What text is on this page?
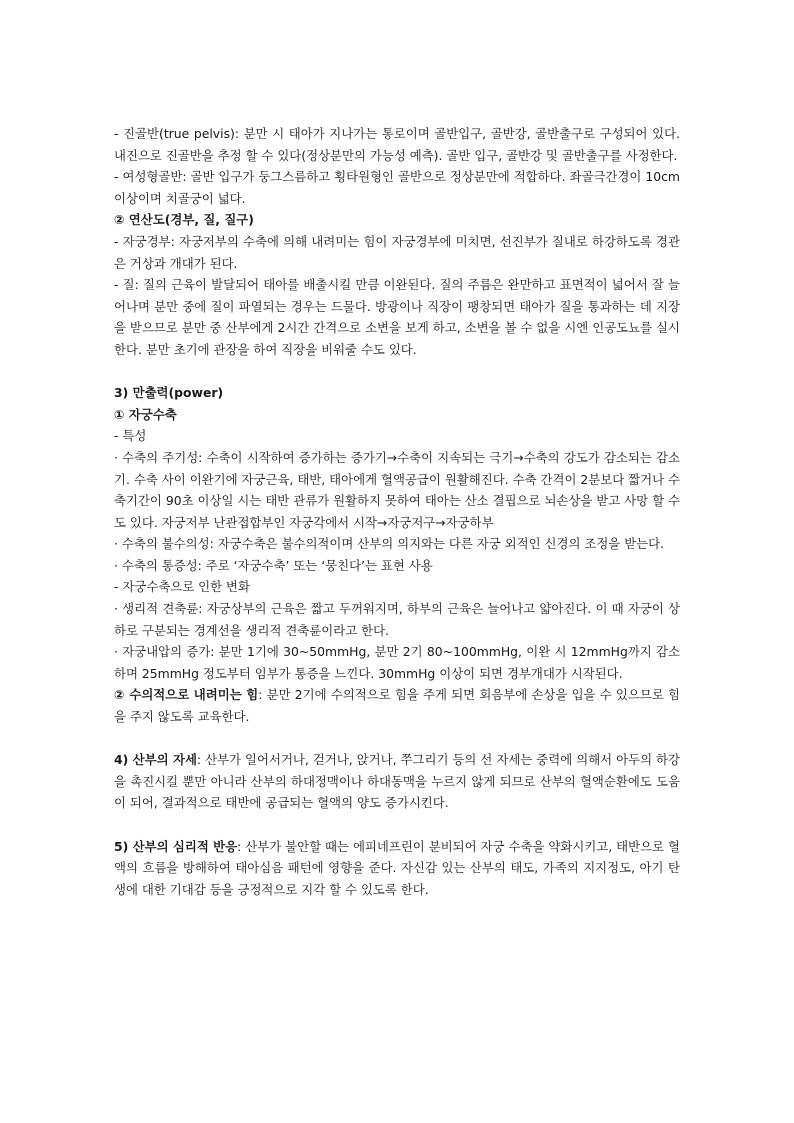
- 진골반(true pelvis): 분만 시 태아가 지나가는 통로이며 골반입구, 골반강, 골반출구로 구성되어 있다. 내진으로 진골반을 추정 할 수 있다(정상분만의 가능성 예측). 골반 입구, 골반강 및 골반출구를 사정한다.

- 여성형골반: 골반 입구가 둥그스름하고 횡타원형인 골반으로 정상분만에 적합하다. 좌골극간경이 10cm이상이며 치골궁이 넓다.

② 연산도(경부, 질, 질구)

- 자궁경부: 자궁저부의 수축에 의해 내려미는 힘이 자궁경부에 미치면, 선진부가 질내로 하강하도록 경관은 거상과 개대가 된다.

- 질: 질의 근육이 발달되어 태아를 배출시킬 만큼 이완된다. 질의 주름은 완만하고 표면적이 넓어서 잘 늘어나며 분만 중에 질이 파열되는 경우는 드물다. 방광이나 직장이 팽창되면 태아가 질을 통과하는 데 지장을 받으므로 분만 중 산부에게 2시간 간격으로 소변을 보게 하고, 소변을 볼 수 없을 시엔 인공도뇨를 실시한다. 분만 초기에 관장을 하여 직장을 비워줄 수도 있다.

3) 만출력(power)

① 자궁수축

- 특성

· 수축의 주기성: 수축이 시작하여 증가하는 증가기→수축이 지속되는 극기→수축의 강도가 감소되는 감소기. 수축 사이 이완기에 자궁근육, 태반, 태아에게 혈액공급이 원활해진다. 수축 간격이 2분보다 짧거나 수축기간이 90초 이상일 시는 태반 관류가 원활하지 못하여 태아는 산소 결핍으로 뇌손상을 받고 사망 할 수도 있다. 자궁저부 난관접합부인 자궁각에서 시작→자궁저구→자궁하부

· 수축의 불수의성: 자궁수축은 불수의적이며 산부의 의지와는 다른 자궁 외적인 신경의 조정을 받는다.

· 수축의 통증성: 주로 ‘자궁수축’ 또는 ‘뭉친다’는 표현 사용

- 자궁수축으로 인한 변화

· 생리적 견축륜: 자궁상부의 근육은 짧고 두꺼워지며, 하부의 근육은 늘어나고 얇아진다. 이 때 자궁이 상하로 구분되는 경계선을 생리적 견축륜이라고 한다.

· 자궁내압의 증가: 분만 1기에 30~50mmHg, 분만 2기 80~100mmHg, 이완 시 12mmHg까지 감소하며 25mmHg 정도부터 임부가 통증을 느낀다. 30mmHg 이상이 되면 경부개대가 시작된다.

② 수의적으로 내려미는 힘: 분만 2기에 수의적으로 힘을 주게 되면 회음부에 손상을 입을 수 있으므로 힘을 주지 않도록 교육한다.

4) 산부의 자세: 산부가 일어서거나, 걷거나, 앉거나, 쭈그리기 등의 선 자세는 중력에 의해서 아두의 하강을 촉진시킬 뿐만 아니라 산부의 하대정맥이나 하대동맥을 누르지 않게 되므로 산부의 혈액순환에도 도움이 되어, 결과적으로 태반에 공급되는 혈액의 양도 증가시킨다.

5) 산부의 심리적 반응: 산부가 불안할 때는 에피네프린이 분비되어 자궁 수축을 약화시키고, 태반으로 혈액의 흐름을 방해하여 태아심음 패턴에 영향을 준다. 자신감 있는 산부의 태도, 가족의 지지정도, 아기 탄생에 대한 기대감 등을 긍정적으로 지각 할 수 있도록 한다.
